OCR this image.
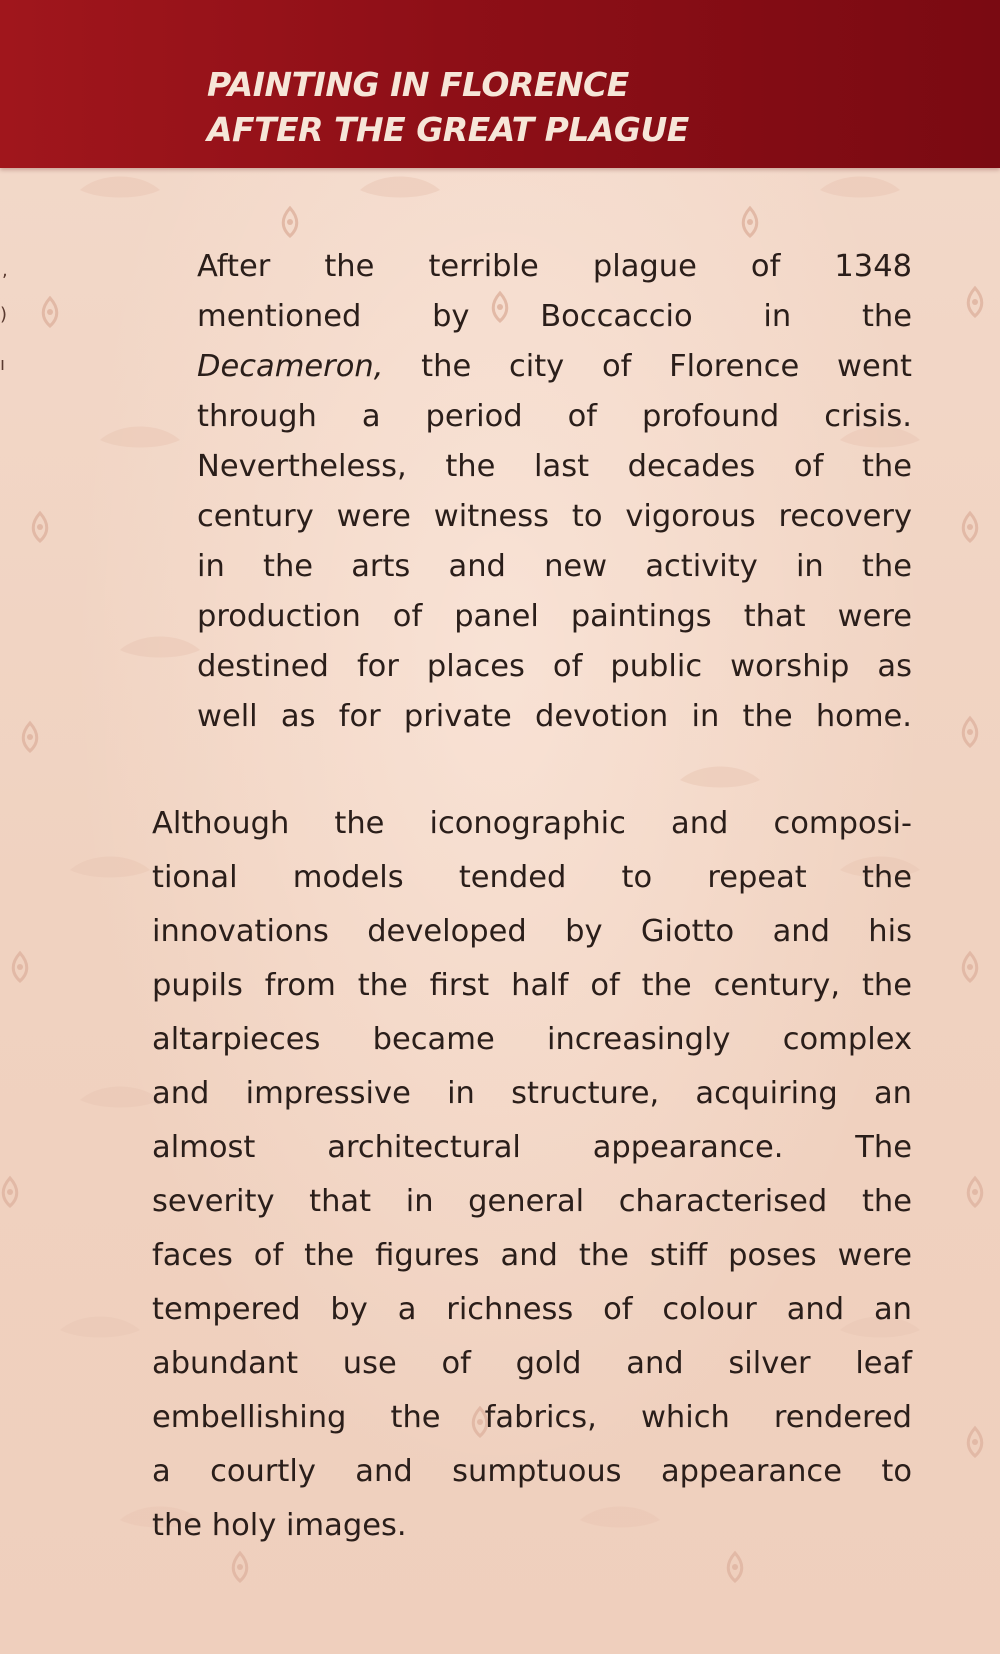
PAINTING IN FLORENCE
AFTER THE GREAT PLAGUE
,
)
ı
After the terrible plague of 1348
mentioned by Boccaccio in the
Decameron, the city of Florence went
through a period of profound crisis.
Nevertheless, the last decades of the
century were witness to vigorous recovery
in the arts and new activity in the
production of panel paintings that were
destined for places of public worship as
well as for private devotion in the home.
Although the iconographic and composi-
tional models tended to repeat the
innovations developed by Giotto and his
pupils from the first half of the century, the
altarpieces became increasingly complex
and impressive in structure, acquiring an
almost architectural appearance. The
severity that in general characterised the
faces of the figures and the stiff poses were
tempered by a richness of colour and an
abundant use of gold and silver leaf
embellishing the fabrics, which rendered
a courtly and sumptuous appearance to
the holy images.
